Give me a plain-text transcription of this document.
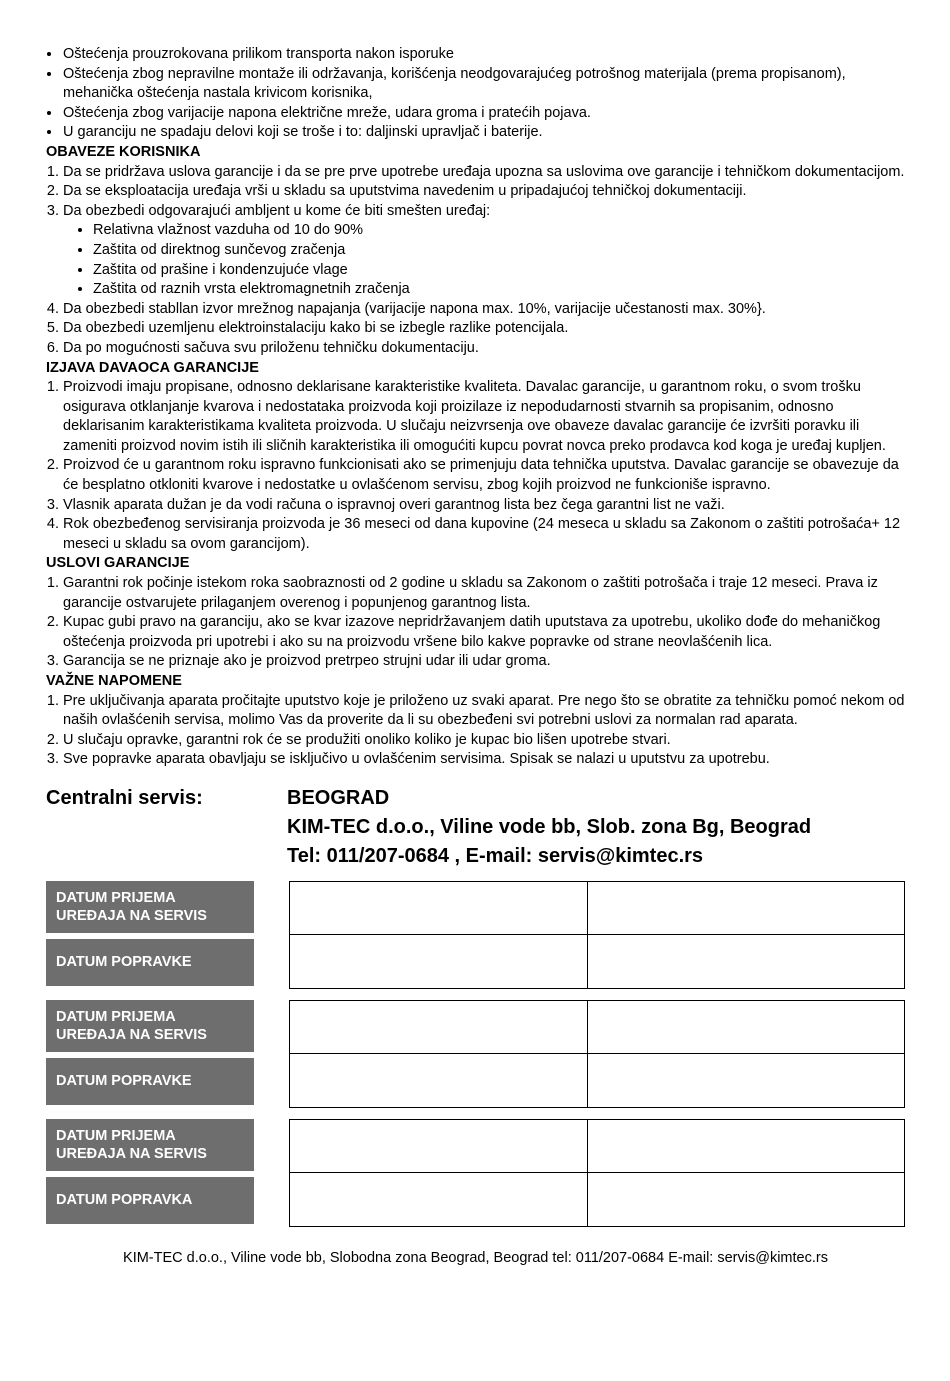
• Oštećenja prouzrokovana prilikom transporta nakon isporuke
• Oštećenja zbog nepravilne montaže ili održavanja, korišćenja neodgovarajućeg potrošnog materijala (prema propisanom), mehanička oštećenja nastala krivicom korisnika,
• Oštećenja zbog varijacije napona električne mreže, udara groma i pratećih pojava.
• U garanciju ne spadaju delovi koji se troše i to: daljinski upravljač i baterije.
OBAVEZE KORISNIKA
1. Da se pridržava uslova garancije i da se pre prve upotrebe uređaja upozna sa uslovima ove garancije i tehničkom dokumentacijom.
2. Da se eksploatacija uređaja vrši u skladu sa uputstvima navedenim u pripadajućoj tehničkoj dokumentaciji.
3. Da obezbedi odgovarajući ambljent u kome će biti smešten uređaj:
• Relativna vlažnost vazduha od 10 do 90%
• Zaštita od direktnog sunčevog zračenja
• Zaštita od prašine i kondenzujuće vlage
• Zaštita od raznih vrsta elektromagnetnih zračenja
4. Da obezbedi stabllan izvor mrežnog napajanja (varijacije napona max. 10%, varijacije učestanosti max. 30%}.
5. Da obezbedi uzemljenu elektroinstalaciju kako bi se izbegle razlike potencijala.
6. Da po mogućnosti sačuva svu priloženu tehničku dokumentaciju.
IZJAVA DAVAOCA GARANCIJE
1. Proizvodi imaju propisane, odnosno deklarisane karakteristike kvaliteta. Davalac garancije, u garantnom roku, o svom trošku osigurava otklanjanje kvarova i nedostataka proizvoda koji proizilaze iz nepodudarnosti stvarnih sa propisanim, odnosno deklarisanim karakteristikama kvaliteta proizvoda. U slučaju neizvrsenja ove obaveze davalac garancije će izvršiti poravku ili zameniti proizvod novim istih ili sličnih karakteristika ili omogućiti kupcu povrat novca preko prodavca kod koga je uređaj kupljen.
2. Proizvod će u garantnom roku ispravno funkcionisati ako se primenjuju data tehnička uputstva. Davalac garancije se obavezuje da će besplatno otkloniti kvarove i nedostatke u ovlašćenom servisu, zbog kojih proizvod ne funkcioniše ispravno.
3. Vlasnik aparata dužan je da vodi računa o ispravnoj overi garantnog lista bez čega garantni list ne važi.
4. Rok obezbeđenog servisiranja proizvoda je 36 meseci od dana kupovine (24 meseca u skladu sa Zakonom o zaštiti potrošaća+ 12 meseci u skladu sa ovom garancijom).
USLOVI GARANCIJE
1. Garantni rok počinje istekom roka saobraznosti od 2 godine u skladu sa Zakonom o zaštiti potrošača i traje 12 meseci. Prava iz garancije ostvarujete prilaganjem overenog i popunjenog garantnog lista.
2. Kupac gubi pravo na garanciju, ako se kvar izazove nepridržavanjem datih uputstava za upotrebu, ukoliko dođe do mehaničkog oštećenja proizvoda pri upotrebi i ako su na proizvodu vršene bilo kakve popravke od strane neovlašćenih lica.
3. Garancija se ne priznaje ako je proizvod pretrpeo strujni udar ili udar groma.
VAŽNE NAPOMENE
1. Pre uključivanja aparata pročitajte uputstvo koje je priloženo uz svaki aparat. Pre nego što se obratite za tehničku pomoć nekom od naših ovlašćenih servisa, molimo Vas da proverite da li su obezbeđeni svi potrebni uslovi za normalan rad aparata.
2. U slučaju opravke, garantni rok će se produžiti onoliko koliko je kupac bio lišen upotrebe stvari.
3. Sve popravke aparata obavljaju se isključivo u ovlašćenim servisima. Spisak se nalazi u uputstvu za upotrebu.
Centralni servis:	BEOGRAD
KIM-TEC d.o.o., Viline vode bb, Slob. zona Bg, Beograd
Tel: 011/207-0684 , E-mail: servis@kimtec.rs
DATUM PRIJEMA UREĐAJA NA SERVIS
DATUM POPRAVKE
DATUM PRIJEMA UREĐAJA NA SERVIS
DATUM POPRAVKE
DATUM PRIJEMA UREĐAJA NA SERVIS
DATUM POPRAVKA
KIM-TEC d.o.o., Viline vode bb, Slobodna zona Beograd, Beograd tel: 011/207-0684 E-mail: servis@kimtec.rs
